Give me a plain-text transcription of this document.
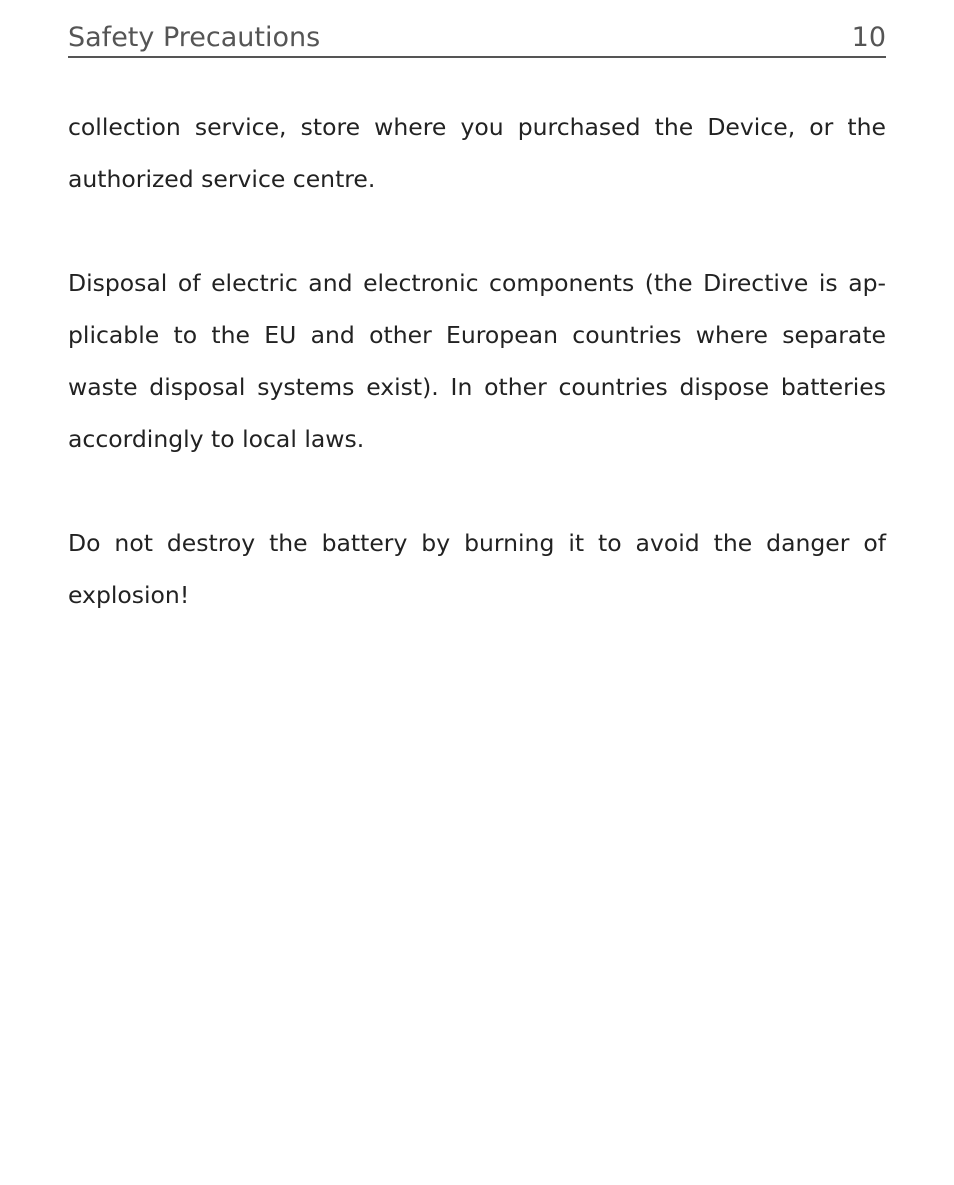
Safety Precautions	10

collection service, store where you purchased the Device, or the authorized service centre.

Disposal of electric and electronic components (the Directive is applicable to the EU and other European countries where separate waste disposal systems exist). In other countries dispose batteries accordingly to local laws.

Do not destroy the battery by burning it to avoid the danger of explosion!
